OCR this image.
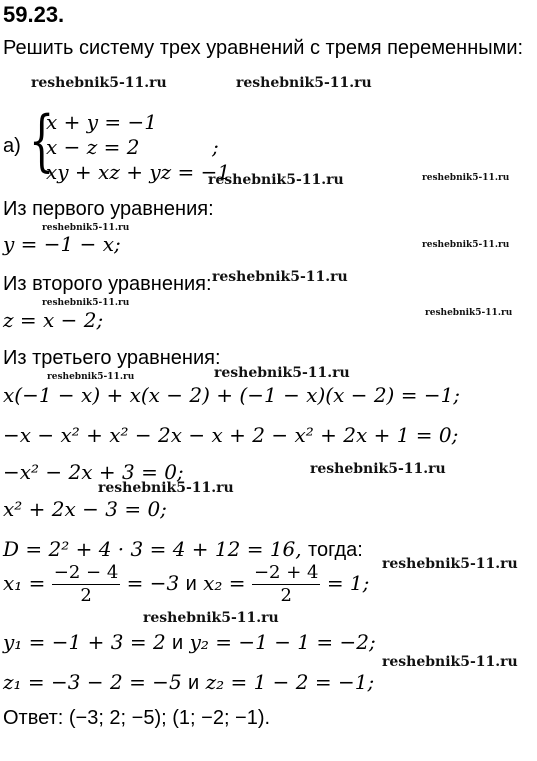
59.23.
Решить систему трех уравнений с тремя переменными:
reshebnik5-11.ru	reshebnik5-11.ru
reshebnik5-11.ru	reshebnik5-11.ru
reshebnik5-11.ru
reshebnik5-11.ru
reshebnik5-11.ru
reshebnik5-11.ru
reshebnik5-11.ru
reshebnik5-11.ru	reshebnik5-11.ru
reshebnik5-11.ru
reshebnik5-11.ru
reshebnik5-11.ru
reshebnik5-11.ru
reshebnik5-11.ru
а) {
x + y = −1
x − z = 2
xy + xz + yz = −1
;
Из первого уравнения:
y = −1 − x;
Из второго уравнения:
z = x − 2;
Из третьего уравнения:
x(−1 − x) + x(x − 2) + (−1 − x)(x − 2) = −1;
−x − x² + x² − 2x − x + 2 − x² + 2x + 1 = 0;
−x² − 2x + 3 = 0;
x² + 2x − 3 = 0;
D = 2² + 4 · 3 = 4 + 12 = 16, тогда:
$x_1 = \frac{-2 - 4}{2} = -3$ и $x_2 = \frac{-2 + 4}{2} = 1$;
y₁ = −1 + 3 = 2 и y₂ = −1 − 1 = −2;
z₁ = −3 − 2 = −5 и z₂ = 1 − 2 = −1;
Ответ: (−3; 2; −5); (1; −2; −1).
